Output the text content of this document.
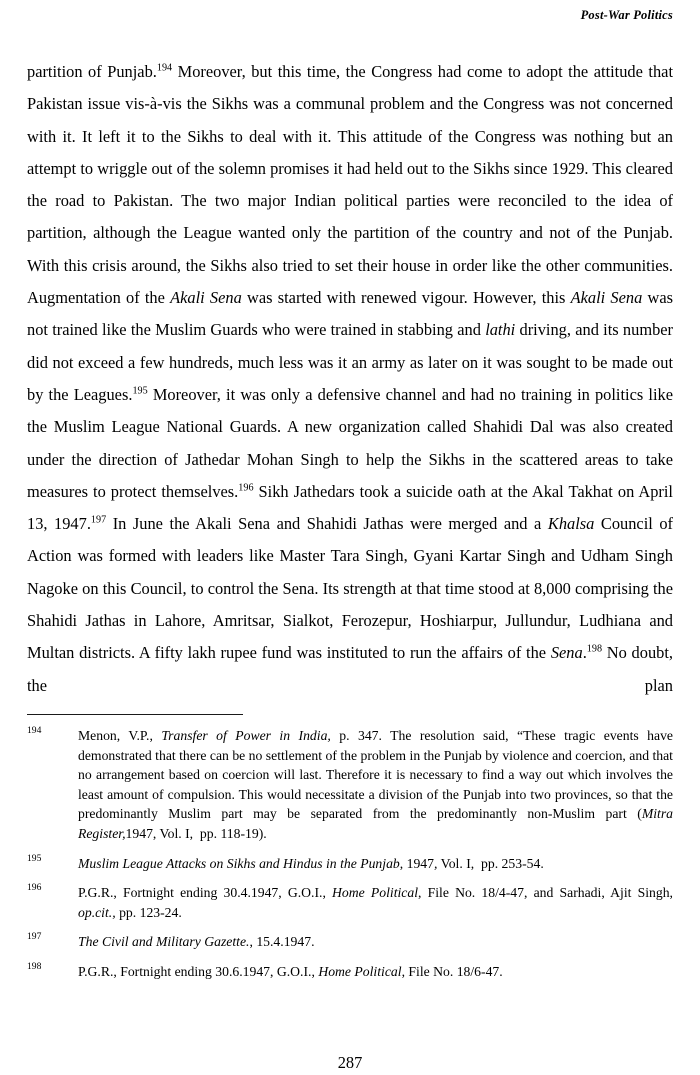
Post-War Politics

partition of Punjab.$^{194}$ Moreover, but this time, the Congress had come to adopt the attitude that Pakistan issue vis-à-vis the Sikhs was a communal problem and the Congress was not concerned with it. It left it to the Sikhs to deal with it. This attitude of the Congress was nothing but an attempt to wriggle out of the solemn promises it had held out to the Sikhs since 1929. This cleared the road to Pakistan. The two major Indian political parties were reconciled to the idea of partition, although the League wanted only the partition of the country and not of the Punjab. With this crisis around, the Sikhs also tried to set their house in order like the other communities. Augmentation of the Akali Sena was started with renewed vigour. However, this Akali Sena was not trained like the Muslim Guards who were trained in stabbing and lathi driving, and its number did not exceed a few hundreds, much less was it an army as later on it was sought to be made out by the Leagues.$^{195}$ Moreover, it was only a defensive channel and had no training in politics like the Muslim League National Guards. A new organization called Shahidi Dal was also created under the direction of Jathedar Mohan Singh to help the Sikhs in the scattered areas to take measures to protect themselves.$^{196}$ Sikh Jathedars took a suicide oath at the Akal Takhat on April 13, 1947.$^{197}$ In June the Akali Sena and Shahidi Jathas were merged and a Khalsa Council of Action was formed with leaders like Master Tara Singh, Gyani Kartar Singh and Udham Singh Nagoke on this Council, to control the Sena. Its strength at that time stood at 8,000 comprising the Shahidi Jathas in Lahore, Amritsar, Sialkot, Ferozepur, Hoshiarpur, Jullundur, Ludhiana and Multan districts. A fifty lakh rupee fund was instituted to run the affairs of the Sena.$^{198}$ No doubt, the plan

194	Menon, V.P., Transfer of Power in India, p. 347. The resolution said, “These tragic events have demonstrated that there can be no settlement of the problem in the Punjab by violence and coercion, and that no arrangement based on coercion will last. Therefore it is necessary to find a way out which involves the least amount of compulsion. This would necessitate a division of the Punjab into two provinces, so that the predominantly Muslim part may be separated from the predominantly non-Muslim part (Mitra Register,1947, Vol. I,  pp. 118-19).
195	Muslim League Attacks on Sikhs and Hindus in the Punjab, 1947, Vol. I,  pp. 253-54.
196	P.G.R., Fortnight ending 30.4.1947, G.O.I., Home Political, File No. 18/4-47, and Sarhadi, Ajit Singh, op.cit., pp. 123-24.
197	The Civil and Military Gazette., 15.4.1947.
198	P.G.R., Fortnight ending 30.6.1947, G.O.I., Home Political, File No. 18/6-47.
287
